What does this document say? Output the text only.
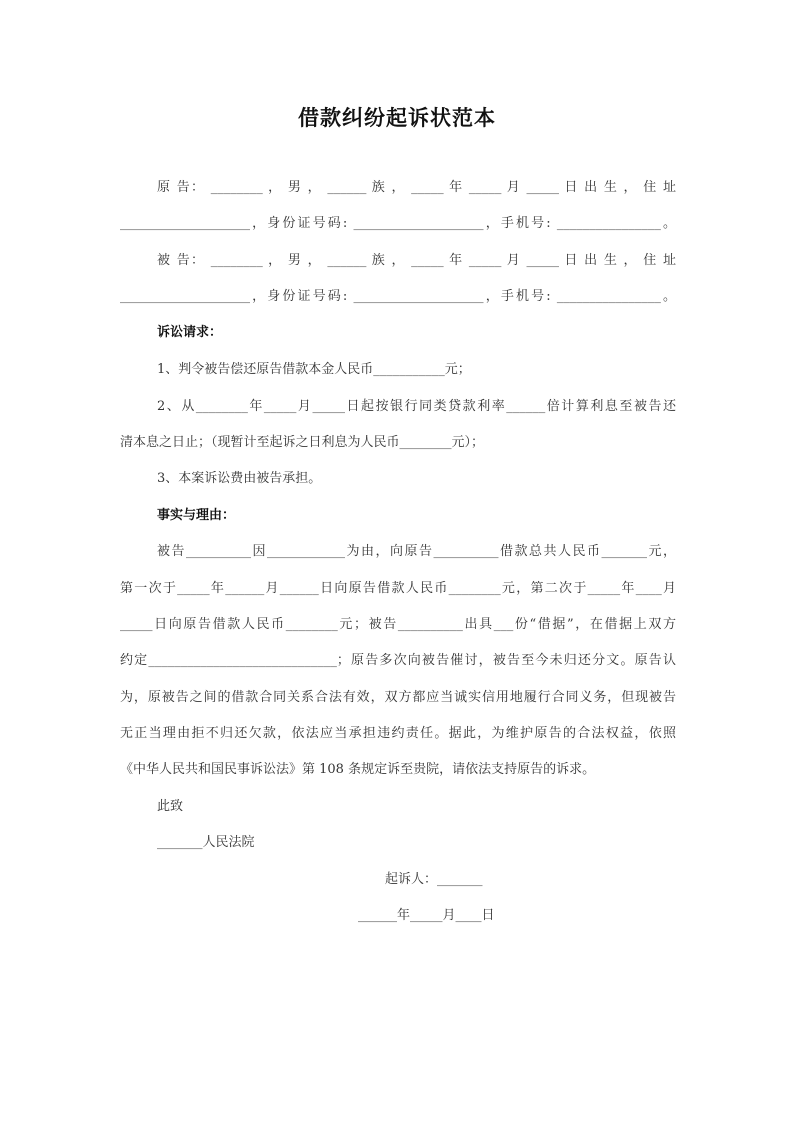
借款纠纷起诉状范本
原 告： ________ ， 男 ， ______ 族 ， _____ 年 _____ 月 _____ 日 出 生 ， 住 址
____________________，身份证号码: ____________________，手机号: ________________。
被 告： ________ ， 男 ， ______ 族 ， _____ 年 _____ 月 _____ 日 出 生 ， 住 址
____________________，身份证号码: ____________________，手机号: ________________。
诉讼请求：
1、判令被告偿还原告借款本金人民币___________元；
2、从________年_____月_____日起按银行同类贷款利率______倍计算利息至被告还
清本息之日止；（现暂计至起诉之日利息为人民币________元）；
3、本案诉讼费由被告承担。
事实与理由：
被告__________因____________为由，向原告__________借款总共人民币_______元，
第一次于_____年______月______日向原告借款人民币________元，第二次于_____年____月
_____日向原告借款人民币________元；被告__________出具___份“借据”，在借据上双方
约定_____________________________；原告多次向被告催讨，被告至今未归还分文。原告认
为，原被告之间的借款合同关系合法有效，双方都应当诚实信用地履行合同义务，但现被告
无正当理由拒不归还欠款，依法应当承担违约责任。据此，为维护原告的合法权益，依照
《中华人民共和国民事诉讼法》第 108 条规定诉至贵院，请依法支持原告的诉求。
此致
_______人民法院
起诉人：_______
______年_____月____日
